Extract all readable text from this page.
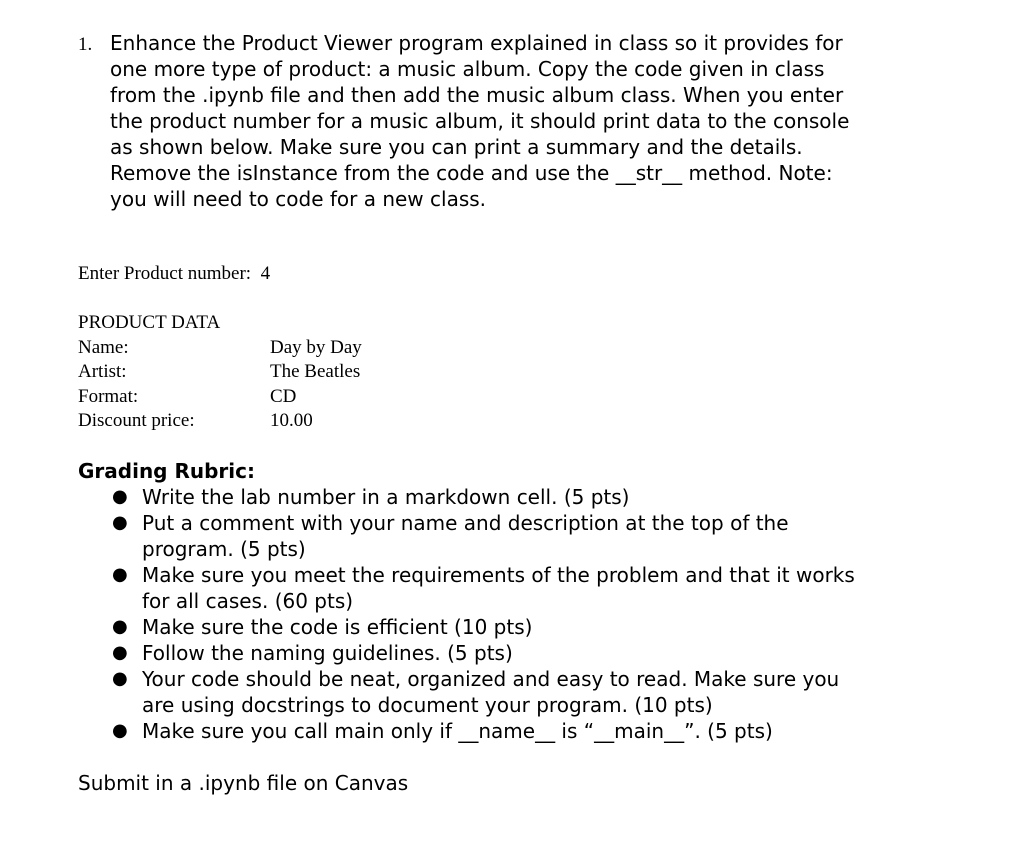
1. Enhance the Product Viewer program explained in class so it provides for
one more type of product: a music album. Copy the code given in class
from the .ipynb file and then add the music album class. When you enter
the product number for a music album, it should print data to the console
as shown below. Make sure you can print a summary and the details.
Remove the isInstance from the code and use the __str__ method. Note:
you will need to code for a new class.
Enter Product number: 4
PRODUCT DATA
Name:	Day by Day
Artist:	The Beatles
Format:	CD
Discount price:	10.00
Grading Rubric:
● Write the lab number in a markdown cell. (5 pts)
● Put a comment with your name and description at the top of the
program. (5 pts)
● Make sure you meet the requirements of the problem and that it works
for all cases. (60 pts)
● Make sure the code is efficient (10 pts)
● Follow the naming guidelines. (5 pts)
● Your code should be neat, organized and easy to read. Make sure you
are using docstrings to document your program. (10 pts)
● Make sure you call main only if __name__ is “__main__”. (5 pts)
Submit in a .ipynb file on Canvas
